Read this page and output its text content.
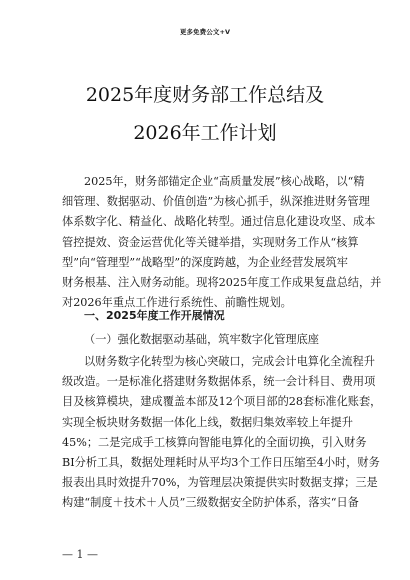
更多免费公文+V
2025年度财务部工作总结及
2026年工作计划
2025年，财务部锚定企业“高质量发展”核心战略，以“精
细管理、数据驱动、价值创造”为核心抓手，纵深推进财务管理
体系数字化、精益化、战略化转型。通过信息化建设攻坚、成本
管控提效、资金运营优化等关键举措，实现财务工作从“核算
型”向“管理型”“战略型”的深度跨越，为企业经营发展筑牢
财务根基、注入财务动能。现将2025年度工作成果复盘总结，并
对2026年重点工作进行系统性、前瞻性规划。
一、2025年度工作开展情况
（一）强化数据驱动基础，筑牢数字化管理底座
以财务数字化转型为核心突破口，完成会计电算化全流程升
级改造。一是标准化搭建财务数据体系，统一会计科目、费用项
目及核算模块，建成覆盖本部及12个项目部的28套标准化账套，
实现全板块财务数据一体化上线，数据归集效率较上年提升
45%；二是完成手工核算向智能电算化的全面切换，引入财务
BI分析工具，数据处理耗时从平均3个工作日压缩至4小时，财务
报表出具时效提升70%，为管理层决策提供实时数据支撑；三是
构建“制度＋技术＋人员”三级数据安全防护体系，落实“日备
— 1 —
